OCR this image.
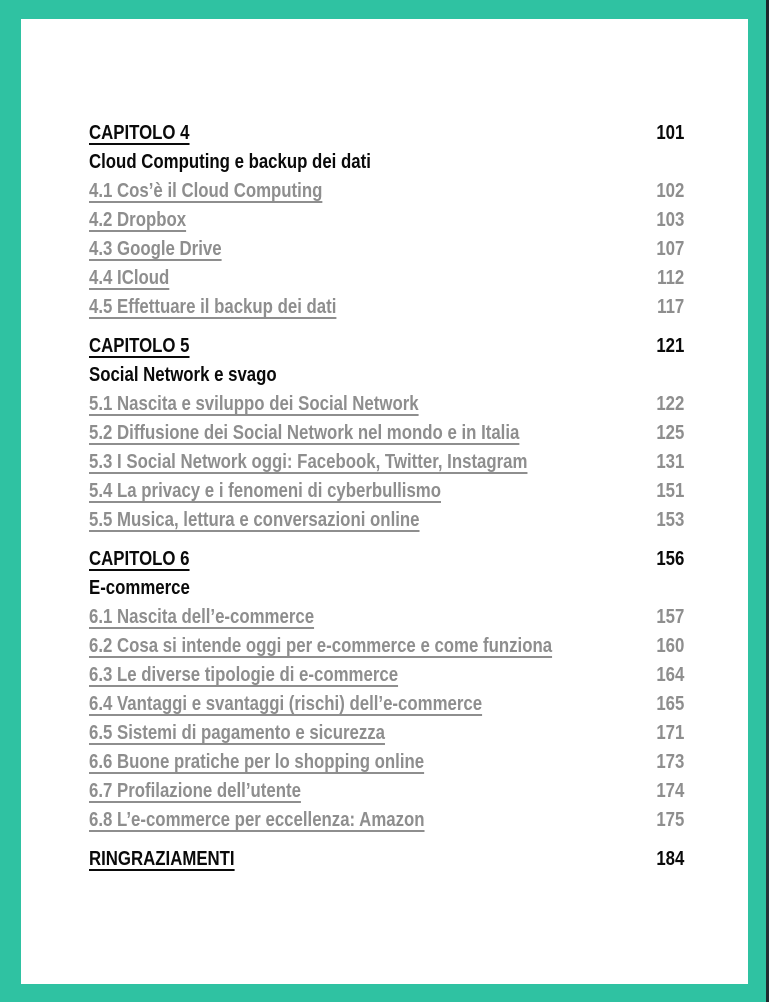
CAPITOLO 4	101
Cloud Computing e backup dei dati
4.1 Cos’è il Cloud Computing	102
4.2 Dropbox	103
4.3 Google Drive	107
4.4 ICloud	112
4.5 Effettuare il backup dei dati	117
CAPITOLO 5	121
Social Network e svago
5.1 Nascita e sviluppo dei Social Network	122
5.2 Diffusione dei Social Network nel mondo e in Italia	125
5.3 I Social Network oggi: Facebook, Twitter, Instagram	131
5.4 La privacy e i fenomeni di cyberbullismo	151
5.5 Musica, lettura e conversazioni online	153
CAPITOLO 6	156
E-commerce
6.1 Nascita dell’e-commerce	157
6.2 Cosa si intende oggi per e-commerce e come funziona	160
6.3 Le diverse tipologie di e-commerce	164
6.4 Vantaggi e svantaggi (rischi) dell’e-commerce	165
6.5 Sistemi di pagamento e sicurezza	171
6.6 Buone pratiche per lo shopping online	173
6.7 Profilazione dell’utente	174
6.8 L’e-commerce per eccellenza: Amazon	175
RINGRAZIAMENTI	184
